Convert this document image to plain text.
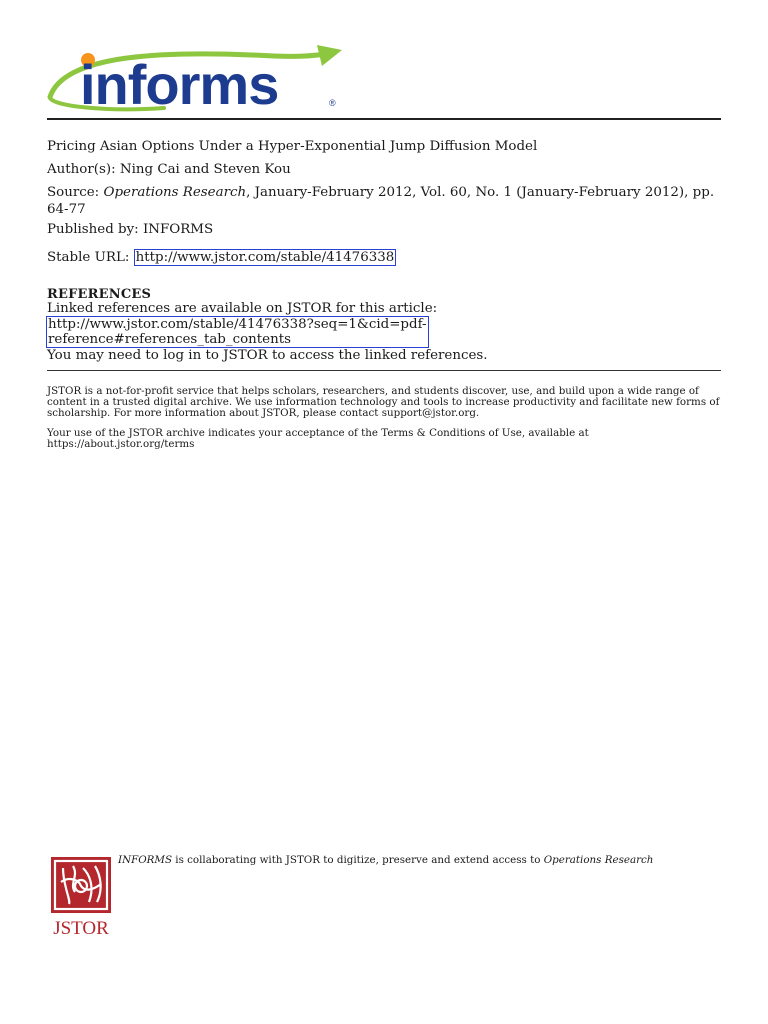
informs	®
Pricing Asian Options Under a Hyper-Exponential Jump Diffusion Model
Author(s): Ning Cai and Steven Kou
Source: Operations Research, January-February 2012, Vol. 60, No. 1 (January-February 2012), pp. 64-77
Published by: INFORMS
Stable URL: http://www.jstor.com/stable/41476338
REFERENCES
Linked references are available on JSTOR for this article:
http://www.jstor.com/stable/41476338?seq=1&cid=pdf-
reference#references_tab_contents
You may need to log in to JSTOR to access the linked references.
JSTOR is a not-for-profit service that helps scholars, researchers, and students discover, use, and build upon a wide range of content in a trusted digital archive. We use information technology and tools to increase productivity and facilitate new forms of scholarship. For more information about JSTOR, please contact support@jstor.org.
Your use of the JSTOR archive indicates your acceptance of the Terms & Conditions of Use, available at https://about.jstor.org/terms
JSTOR
INFORMS is collaborating with JSTOR to digitize, preserve and extend access to Operations Research
